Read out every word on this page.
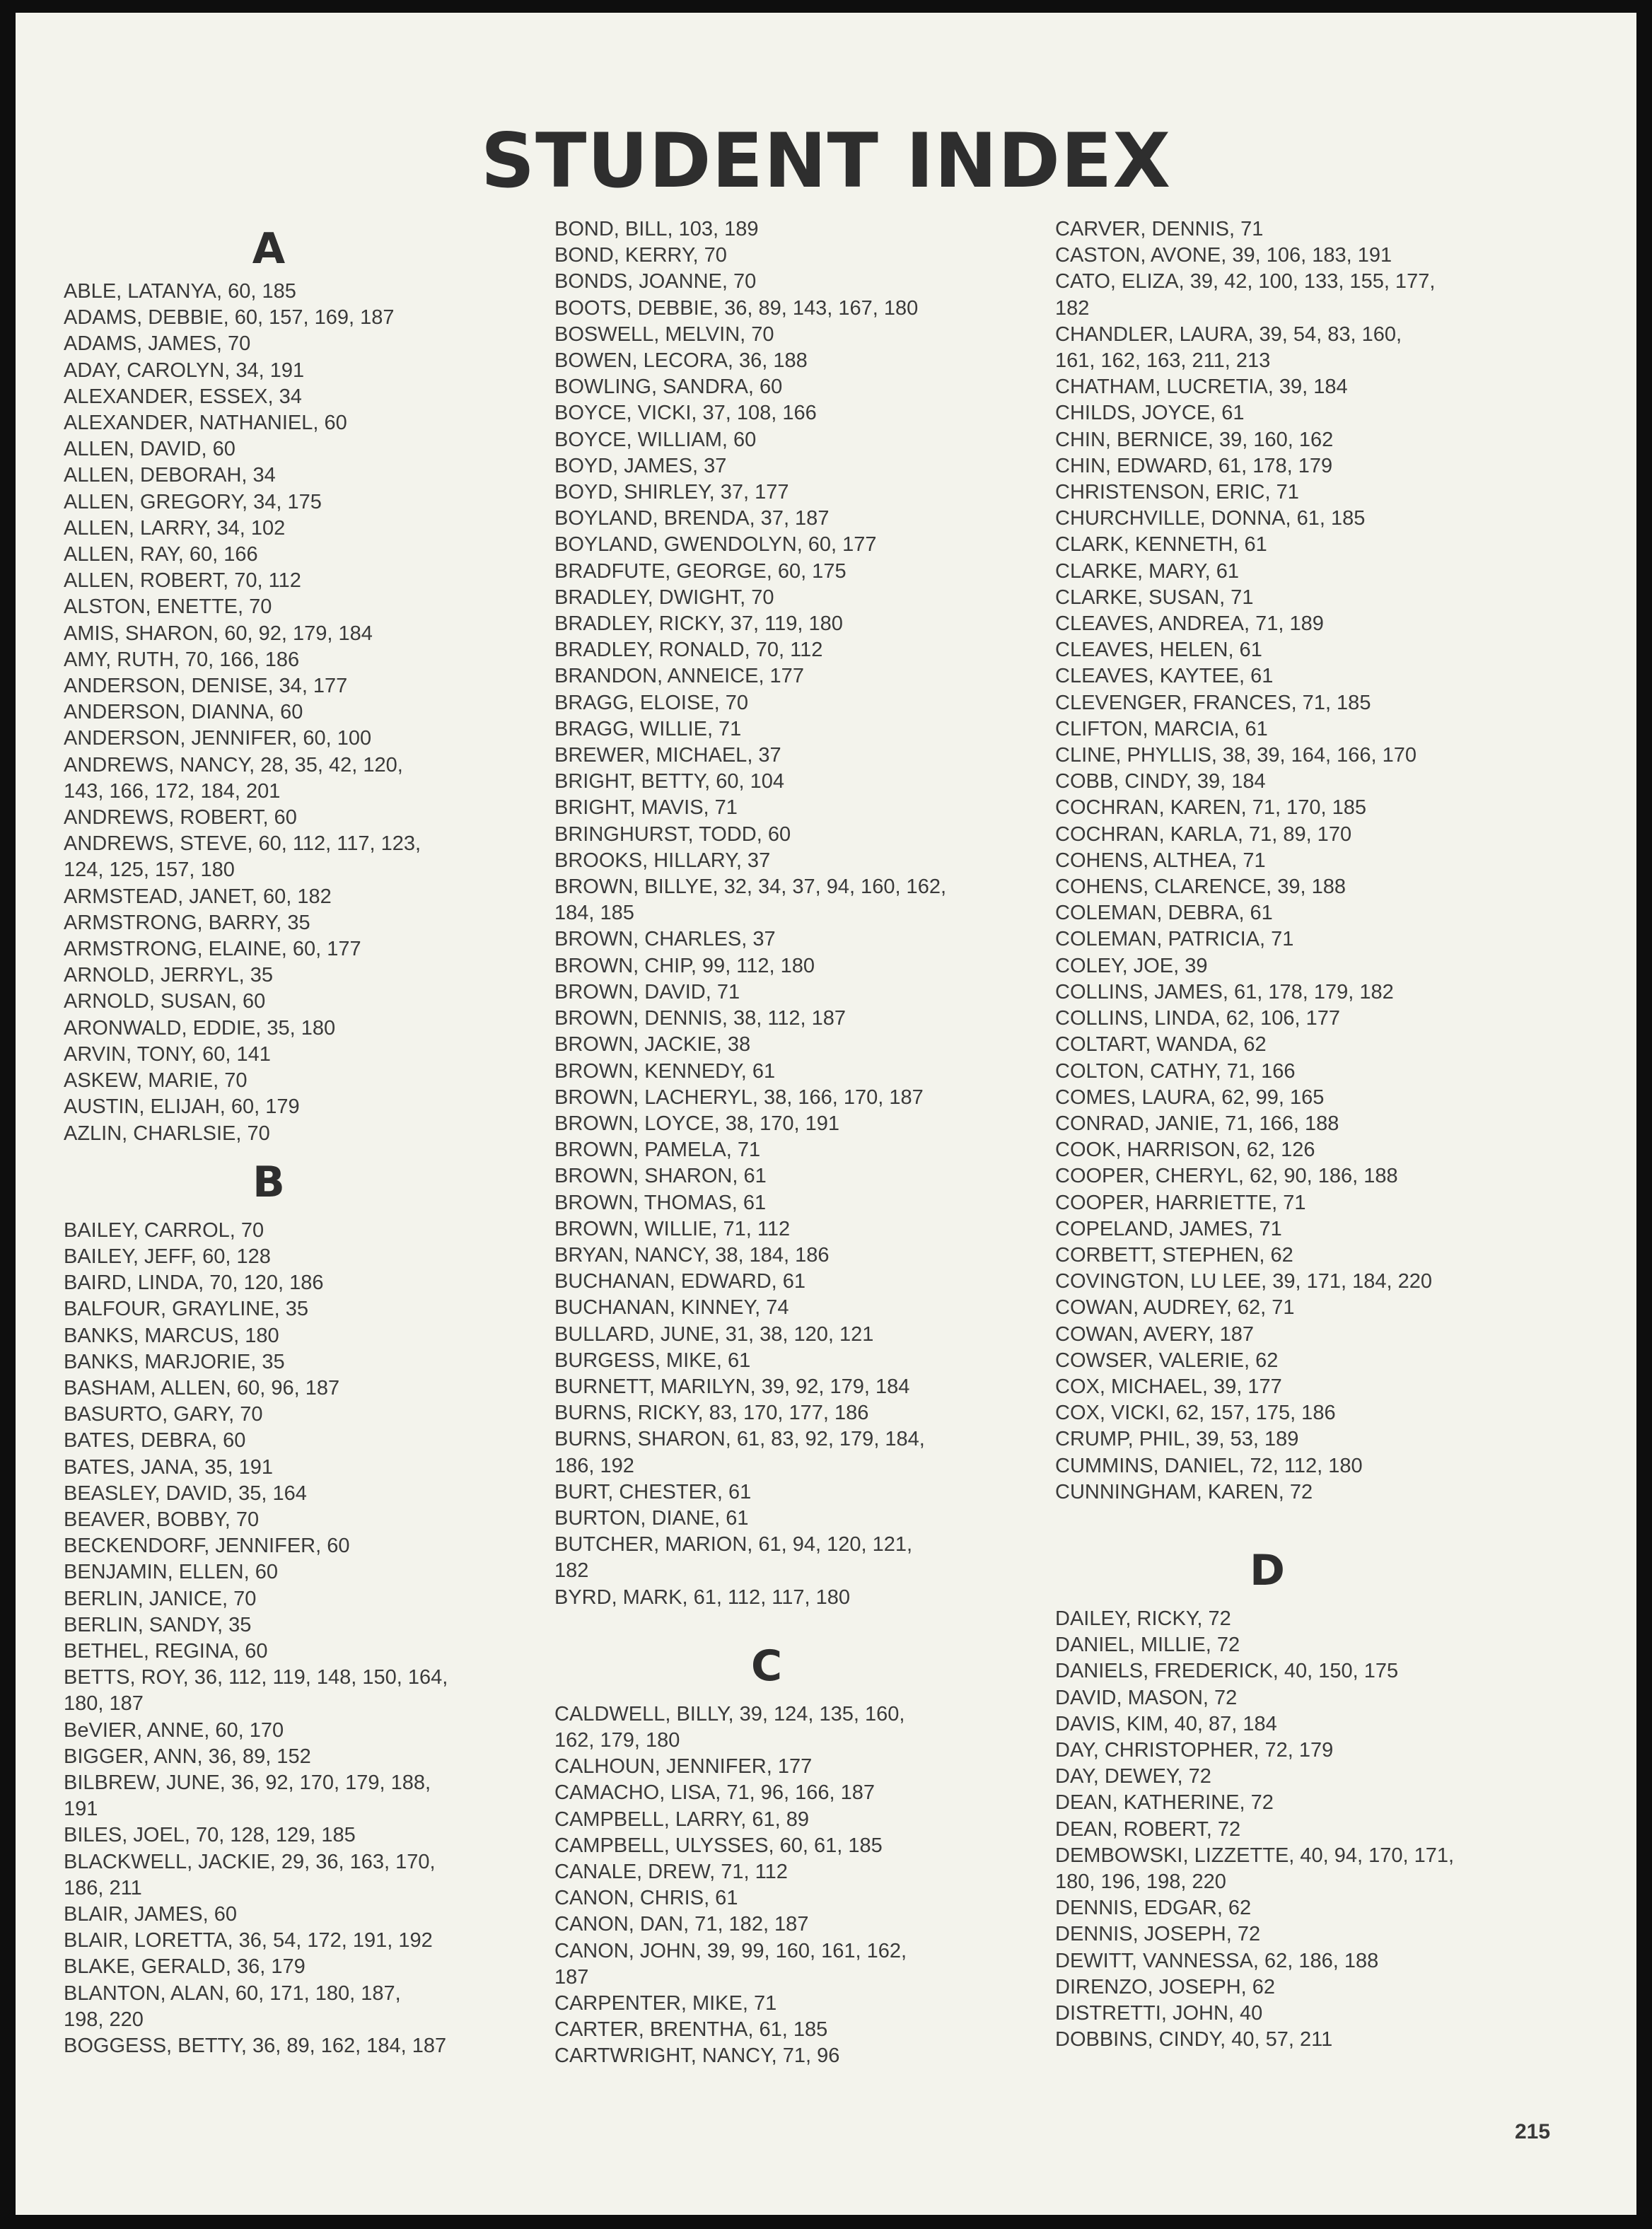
STUDENT INDEX
A
ABLE, LATANYA, 60, 185
ADAMS, DEBBIE, 60, 157, 169, 187
ADAMS, JAMES, 70
ADAY, CAROLYN, 34, 191
ALEXANDER, ESSEX, 34
ALEXANDER, NATHANIEL, 60
ALLEN, DAVID, 60
ALLEN, DEBORAH, 34
ALLEN, GREGORY, 34, 175
ALLEN, LARRY, 34, 102
ALLEN, RAY, 60, 166
ALLEN, ROBERT, 70, 112
ALSTON, ENETTE, 70
AMIS, SHARON, 60, 92, 179, 184
AMY, RUTH, 70, 166, 186
ANDERSON, DENISE, 34, 177
ANDERSON, DIANNA, 60
ANDERSON, JENNIFER, 60, 100
ANDREWS, NANCY, 28, 35, 42, 120,
143, 166, 172, 184, 201
ANDREWS, ROBERT, 60
ANDREWS, STEVE, 60, 112, 117, 123,
124, 125, 157, 180
ARMSTEAD, JANET, 60, 182
ARMSTRONG, BARRY, 35
ARMSTRONG, ELAINE, 60, 177
ARNOLD, JERRYL, 35
ARNOLD, SUSAN, 60
ARONWALD, EDDIE, 35, 180
ARVIN, TONY, 60, 141
ASKEW, MARIE, 70
AUSTIN, ELIJAH, 60, 179
AZLIN, CHARLSIE, 70
B
BAILEY, CARROL, 70
BAILEY, JEFF, 60, 128
BAIRD, LINDA, 70, 120, 186
BALFOUR, GRAYLINE, 35
BANKS, MARCUS, 180
BANKS, MARJORIE, 35
BASHAM, ALLEN, 60, 96, 187
BASURTO, GARY, 70
BATES, DEBRA, 60
BATES, JANA, 35, 191
BEASLEY, DAVID, 35, 164
BEAVER, BOBBY, 70
BECKENDORF, JENNIFER, 60
BENJAMIN, ELLEN, 60
BERLIN, JANICE, 70
BERLIN, SANDY, 35
BETHEL, REGINA, 60
BETTS, ROY, 36, 112, 119, 148, 150, 164,
180, 187
BeVIER, ANNE, 60, 170
BIGGER, ANN, 36, 89, 152
BILBREW, JUNE, 36, 92, 170, 179, 188,
191
BILES, JOEL, 70, 128, 129, 185
BLACKWELL, JACKIE, 29, 36, 163, 170,
186, 211
BLAIR, JAMES, 60
BLAIR, LORETTA, 36, 54, 172, 191, 192
BLAKE, GERALD, 36, 179
BLANTON, ALAN, 60, 171, 180, 187,
198, 220
BOGGESS, BETTY, 36, 89, 162, 184, 187
BOND, BILL, 103, 189
BOND, KERRY, 70
BONDS, JOANNE, 70
BOOTS, DEBBIE, 36, 89, 143, 167, 180
BOSWELL, MELVIN, 70
BOWEN, LECORA, 36, 188
BOWLING, SANDRA, 60
BOYCE, VICKI, 37, 108, 166
BOYCE, WILLIAM, 60
BOYD, JAMES, 37
BOYD, SHIRLEY, 37, 177
BOYLAND, BRENDA, 37, 187
BOYLAND, GWENDOLYN, 60, 177
BRADFUTE, GEORGE, 60, 175
BRADLEY, DWIGHT, 70
BRADLEY, RICKY, 37, 119, 180
BRADLEY, RONALD, 70, 112
BRANDON, ANNEICE, 177
BRAGG, ELOISE, 70
BRAGG, WILLIE, 71
BREWER, MICHAEL, 37
BRIGHT, BETTY, 60, 104
BRIGHT, MAVIS, 71
BRINGHURST, TODD, 60
BROOKS, HILLARY, 37
BROWN, BILLYE, 32, 34, 37, 94, 160, 162,
184, 185
BROWN, CHARLES, 37
BROWN, CHIP, 99, 112, 180
BROWN, DAVID, 71
BROWN, DENNIS, 38, 112, 187
BROWN, JACKIE, 38
BROWN, KENNEDY, 61
BROWN, LACHERYL, 38, 166, 170, 187
BROWN, LOYCE, 38, 170, 191
BROWN, PAMELA, 71
BROWN, SHARON, 61
BROWN, THOMAS, 61
BROWN, WILLIE, 71, 112
BRYAN, NANCY, 38, 184, 186
BUCHANAN, EDWARD, 61
BUCHANAN, KINNEY, 74
BULLARD, JUNE, 31, 38, 120, 121
BURGESS, MIKE, 61
BURNETT, MARILYN, 39, 92, 179, 184
BURNS, RICKY, 83, 170, 177, 186
BURNS, SHARON, 61, 83, 92, 179, 184,
186, 192
BURT, CHESTER, 61
BURTON, DIANE, 61
BUTCHER, MARION, 61, 94, 120, 121,
182
BYRD, MARK, 61, 112, 117, 180
C
CALDWELL, BILLY, 39, 124, 135, 160,
162, 179, 180
CALHOUN, JENNIFER, 177
CAMACHO, LISA, 71, 96, 166, 187
CAMPBELL, LARRY, 61, 89
CAMPBELL, ULYSSES, 60, 61, 185
CANALE, DREW, 71, 112
CANON, CHRIS, 61
CANON, DAN, 71, 182, 187
CANON, JOHN, 39, 99, 160, 161, 162,
187
CARPENTER, MIKE, 71
CARTER, BRENTHA, 61, 185
CARTWRIGHT, NANCY, 71, 96
CARVER, DENNIS, 71
CASTON, AVONE, 39, 106, 183, 191
CATO, ELIZA, 39, 42, 100, 133, 155, 177,
182
CHANDLER, LAURA, 39, 54, 83, 160,
161, 162, 163, 211, 213
CHATHAM, LUCRETIA, 39, 184
CHILDS, JOYCE, 61
CHIN, BERNICE, 39, 160, 162
CHIN, EDWARD, 61, 178, 179
CHRISTENSON, ERIC, 71
CHURCHVILLE, DONNA, 61, 185
CLARK, KENNETH, 61
CLARKE, MARY, 61
CLARKE, SUSAN, 71
CLEAVES, ANDREA, 71, 189
CLEAVES, HELEN, 61
CLEAVES, KAYTEE, 61
CLEVENGER, FRANCES, 71, 185
CLIFTON, MARCIA, 61
CLINE, PHYLLIS, 38, 39, 164, 166, 170
COBB, CINDY, 39, 184
COCHRAN, KAREN, 71, 170, 185
COCHRAN, KARLA, 71, 89, 170
COHENS, ALTHEA, 71
COHENS, CLARENCE, 39, 188
COLEMAN, DEBRA, 61
COLEMAN, PATRICIA, 71
COLEY, JOE, 39
COLLINS, JAMES, 61, 178, 179, 182
COLLINS, LINDA, 62, 106, 177
COLTART, WANDA, 62
COLTON, CATHY, 71, 166
COMES, LAURA, 62, 99, 165
CONRAD, JANIE, 71, 166, 188
COOK, HARRISON, 62, 126
COOPER, CHERYL, 62, 90, 186, 188
COOPER, HARRIETTE, 71
COPELAND, JAMES, 71
CORBETT, STEPHEN, 62
COVINGTON, LU LEE, 39, 171, 184, 220
COWAN, AUDREY, 62, 71
COWAN, AVERY, 187
COWSER, VALERIE, 62
COX, MICHAEL, 39, 177
COX, VICKI, 62, 157, 175, 186
CRUMP, PHIL, 39, 53, 189
CUMMINS, DANIEL, 72, 112, 180
CUNNINGHAM, KAREN, 72
D
DAILEY, RICKY, 72
DANIEL, MILLIE, 72
DANIELS, FREDERICK, 40, 150, 175
DAVID, MASON, 72
DAVIS, KIM, 40, 87, 184
DAY, CHRISTOPHER, 72, 179
DAY, DEWEY, 72
DEAN, KATHERINE, 72
DEAN, ROBERT, 72
DEMBOWSKI, LIZZETTE, 40, 94, 170, 171,
180, 196, 198, 220
DENNIS, EDGAR, 62
DENNIS, JOSEPH, 72
DEWITT, VANNESSA, 62, 186, 188
DIRENZO, JOSEPH, 62
DISTRETTI, JOHN, 40
DOBBINS, CINDY, 40, 57, 211
215
